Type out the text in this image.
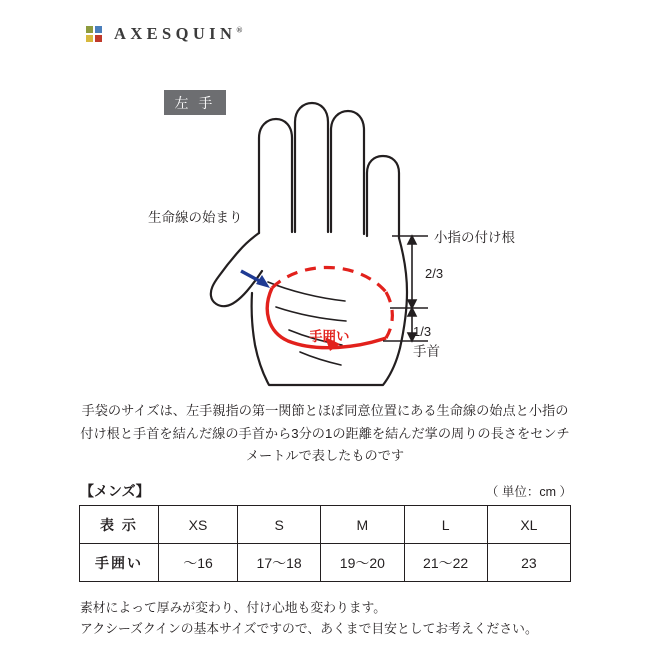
AXESQUIN®
左 手
生命線の始まり
小指の付け根
2/3
1/3
手首
手囲い
手袋のサイズは、左手親指の第一関節とほぼ同意位置にある生命線の始点と小指の付け根と手首を結んだ線の手首から3分の1の距離を結んだ掌の周りの長さをセンチメートルで表したものです
【メンズ】	（ 単位：cm ）
表 示	XS	S	M	L	XL
手囲い	～16	17～18	19～20	21～22	23
素材によって厚みが変わり、付け心地も変わります。
アクシーズクインの基本サイズですので、あくまで目安としてお考えください。
